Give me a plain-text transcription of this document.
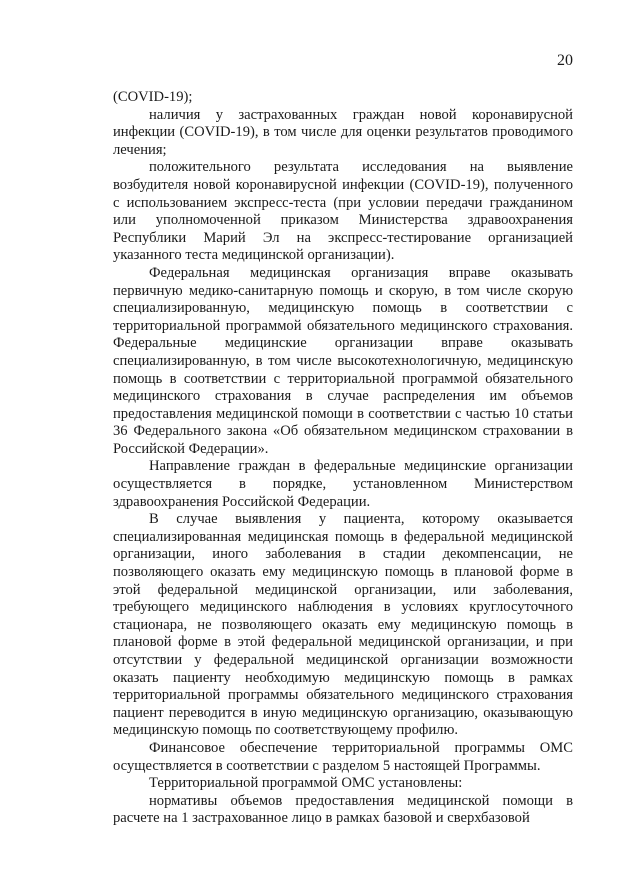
20

(COVID-19);

наличия у застрахованных граждан новой коронавирусной инфекции (COVID-19), в том числе для оценки результатов проводимого лечения;

положительного результата исследования на выявление возбудителя новой коронавирусной инфекции (COVID-19), полученного с использованием экспресс-теста (при условии передачи гражданином или уполномоченной приказом Министерства здравоохранения Республики Марий Эл на экспресс-тестирование организацией указанного теста медицинской организации).

Федеральная медицинская организация вправе оказывать первичную медико-санитарную помощь и скорую, в том числе скорую специализированную, медицинскую помощь в соответствии с территориальной программой обязательного медицинского страхования. Федеральные медицинские организации вправе оказывать специализированную, в том числе высокотехнологичную, медицинскую помощь в соответствии с территориальной программой обязательного медицинского страхования в случае распределения им объемов предоставления медицинской помощи в соответствии с частью 10 статьи 36 Федерального закона «Об обязательном медицинском страховании в Российской Федерации».

Направление граждан в федеральные медицинские организации осуществляется в порядке, установленном Министерством здравоохранения Российской Федерации.

В случае выявления у пациента, которому оказывается специализированная медицинская помощь в федеральной медицинской организации, иного заболевания в стадии декомпенсации, не позволяющего оказать ему медицинскую помощь в плановой форме в этой федеральной медицинской организации, или заболевания, требующего медицинского наблюдения в условиях круглосуточного стационара, не позволяющего оказать ему медицинскую помощь в плановой форме в этой федеральной медицинской организации, и при отсутствии у федеральной медицинской организации возможности оказать пациенту необходимую медицинскую помощь в рамках территориальной программы обязательного медицинского страхования пациент переводится в иную медицинскую организацию, оказывающую медицинскую помощь по соответствующему профилю.

Финансовое обеспечение территориальной программы ОМС осуществляется в соответствии с разделом 5 настоящей Программы.

Территориальной программой ОМС установлены:

нормативы объемов предоставления медицинской помощи в расчете на 1 застрахованное лицо в рамках базовой и сверхбазовой
